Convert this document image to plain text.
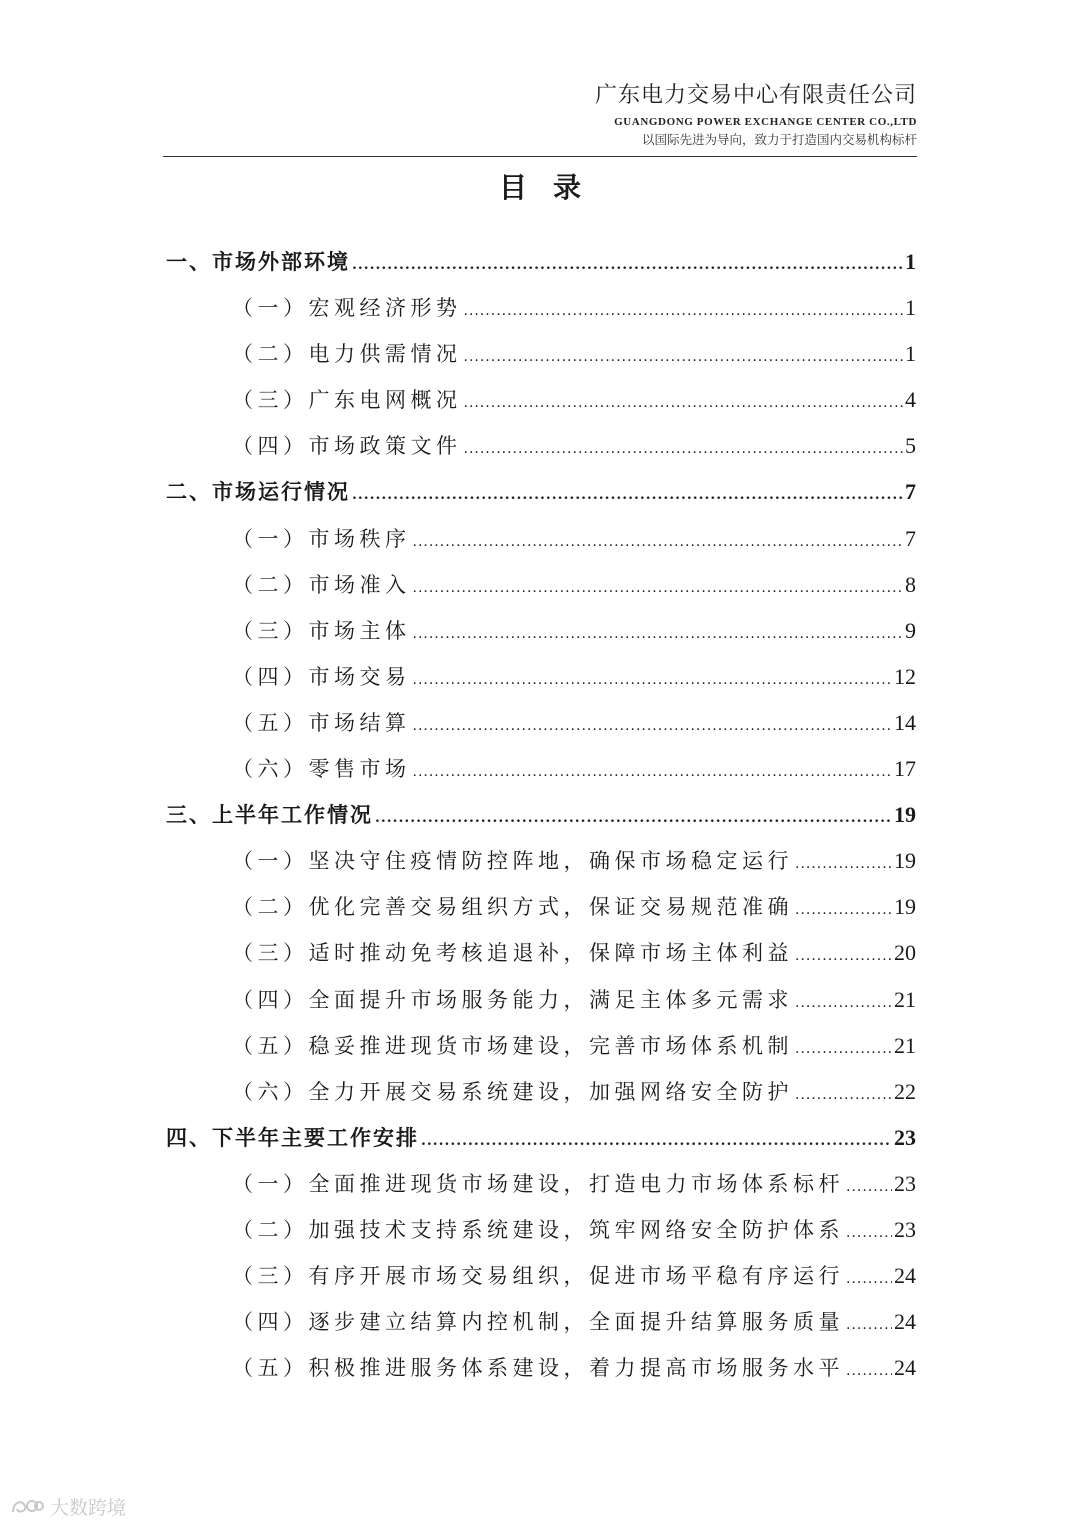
广东电力交易中心有限责任公司
GUANGDONG POWER EXCHANGE CENTER CO.,LTD
以国际先进为导向，致力于打造国内交易机构标杆
目录
一、市场外部环境 .....	1
（一）宏观经济形势 .....	1
（二）电力供需情况 .....	1
（三）广东电网概况 .....	4
（四）市场政策文件 .....	5
二、市场运行情况 .....	7
（一）市场秩序 .....	7
（二）市场准入 .....	8
（三）市场主体 .....	9
（四）市场交易 .....	12
（五）市场结算 .....	14
（六）零售市场 .....	17
三、上半年工作情况 .....	19
（一）坚决守住疫情防控阵地，确保市场稳定运行 .....	19
（二）优化完善交易组织方式，保证交易规范准确 .....	19
（三）适时推动免考核追退补，保障市场主体利益 .....	20
（四）全面提升市场服务能力，满足主体多元需求 .....	21
（五）稳妥推进现货市场建设，完善市场体系机制 .....	21
（六）全力开展交易系统建设，加强网络安全防护 .....	22
四、下半年主要工作安排 .....	23
（一）全面推进现货市场建设，打造电力市场体系标杆 ..... 23
（二）加强技术支持系统建设，筑牢网络安全防护体系 ..... 23
（三）有序开展市场交易组织，促进市场平稳有序运行 ..... 24
（四）逐步建立结算内控机制，全面提升结算服务质量 ..... 24
（五）积极推进服务体系建设，着力提高市场服务水平 ..... 24
大数跨境
